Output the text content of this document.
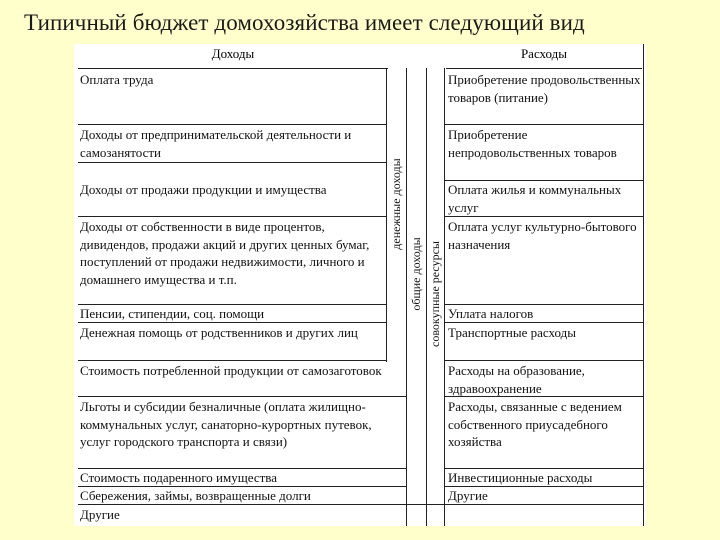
Типичный бюджет домохозяйства имеет следующий вид
Доходы	Расходы
Оплата труда
Доходы от предпринимательской деятельности и самозанятости
Доходы от продажи продукции и имущества
Доходы от собственности в виде процентов, дивидендов, продажи акций и других ценных бумаг, поступлений от продажи недвижимости, личного и домашнего имущества и т.п.
Пенсии, стипендии, соц. помощи
Денежная помощь от родственников и других лиц
Стоимость потребленной продукции от самозаготовок
Льготы и субсидии безналичные (оплата жилищно-коммунальных услуг, санаторно-курортных путевок, услуг городского транспорта и связи)
Стоимость подаренного имущества
Сбережения, займы, возвращенные долги
Другие
Приобретение продовольственных товаров (питание)
Приобретение непродовольственных товаров
Оплата жилья и коммунальных услуг
Оплата услуг культурно-бытового назначения
Уплата налогов
Транспортные расходы
Расходы на образование, здравоохранение
Расходы, связанные с ведением собственного приусадебного хозяйства
Инвестиционные расходы
Другие
денежные доходы
общие доходы совокупные ресурсы
